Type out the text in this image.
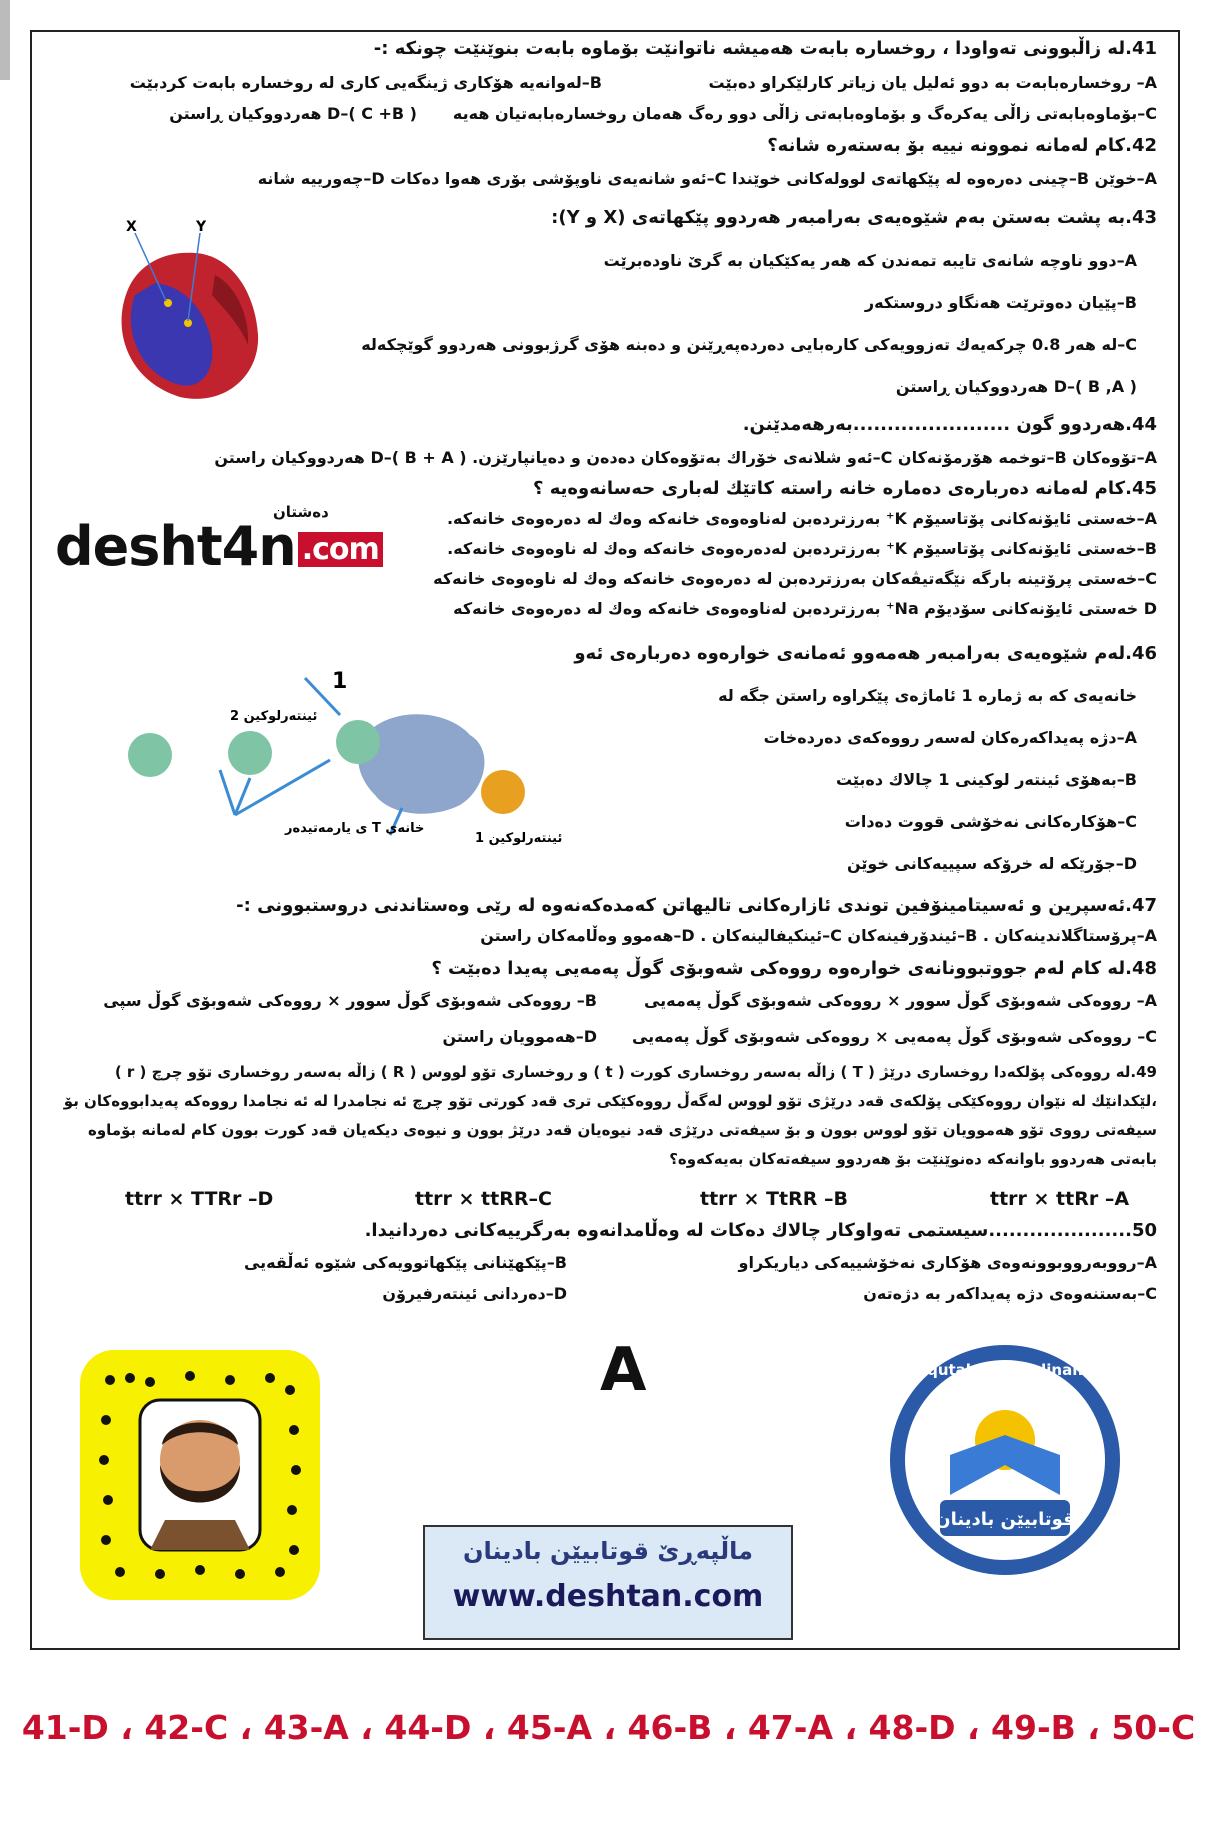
41.له زاڵبوونی تەواودا ، روخسارە بابەت هەمیشە ناتوانێت بۆماوە بابەت بنوێنێت چونکە :-
A– روخسارەبابەت بە دوو ئەلیل یان زیاتر کارلێکراو دەبێت
B–لەوانەیە هۆکاری ژینگەیی کاری لە روخسارە بابەت کردبێت
C–بۆماوەبابەتی زاڵی یەکرەگ و بۆماوەبابەتی زاڵی دوو رەگ هەمان روخسارەبابەتیان هەیە
D–( C +B ) هەردووکیان ڕاستن
42.کام لەمانە نموونە نییە بۆ بەستەرە شانە؟
A–خوێن B–چینی دەرەوە لە پێکهاتەی لوولەکانی خوێندا C–ئەو شانەیەی ناوپۆشی بۆری هەوا دەکات D–چەورییە شانە
43.بە پشت بەستن بەم شێوەیەی بەرامبەر هەردوو پێکهاتەی (X و Y):
A–دوو ناوچە شانەی تایبە تمەندن کە هەر یەکێکیان بە گرێ ناودەبرێت
B–پێیان دەوترێت هەنگاو دروستکەر
C–لە هەر 0.8 چرکەیەك تەزوویەکی کارەبایی دەردەپەڕێنن و دەبنە هۆی گرژبوونی هەردوو گوێچکەلە
D–( B ,A ) هەردووکیان ڕاستن
X	Y
44.هەردوو گون .......................بەرهەمدێنن.
A–تۆوەکان B–توخمە هۆرمۆنەکان C–ئەو شلانەی خۆراك بەتۆوەکان دەدەن و دەیانپارێزن. D–( B + A ) هەردووکیان راستن
45.کام لەمانە دەربارەی دەمارە خانە راستە کاتێك لەباری حەسانەوەیە ؟
A–خەستی ئایۆنەکانی پۆتاسیۆم K⁺ بەرزتردەبن لەناوەوەی خانەکە وەك لە دەرەوەی خانەکە.
B–خەستی ئایۆنەکانی پۆتاسیۆم K⁺ بەرزتردەبن لەدەرەوەی خانەکە وەك لە ناوەوەی خانەکە.
C–خەستی پرۆتینە بارگە نێگەتیڤەکان بەرزتردەبن لە دەرەوەی خانەکە وەك لە ناوەوەی خانەکە
D خەستی ئایۆنەکانی سۆدیۆم Na⁺ بەرزتردەبن لەناوەوەی خانەکە وەك لە دەرەوەی خانەکە
desht4n .com
دەشتان
46.لەم شێوەیەی بەرامبەر هەمەوو ئەمانەی خوارەوە دەربارەی ئەو
خانەیەی کە بە ژمارە 1 ئاماژەی پێکراوە راستن جگە لە
A–دژە پەیداکەرەکان لەسەر رووەکەی دەردەخات
B–بەهۆی ئینتەر لوکینی 1 چالاك دەبێت
C–هۆکارەکانی نەخۆشی قووت دەدات
D–جۆرێکە لە خرۆکە سپییەکانی خوێن
1
ئینتەرلوکین 2
خانەی T ی یارمەتیدەر
ئینتەرلوکین 1
47.ئەسپرین و ئەسیتامینۆفین توندی ئازارەکانی تالیهاتن کەمدەکەنەوە لە رێی وەستاندنی دروستبوونی :-
A–پرۆستاگلاندینەکان . B–ئیندۆرفینەکان C–ئینکیفالینەکان . D–هەموو وەڵامەکان راستن
48.لە کام لەم جووتبوونانەی خوارەوە رووەکی شەوبۆی گوڵ پەمەیی پەیدا دەبێت ؟
A– رووەکی شەوبۆی گوڵ سوور × رووەکی شەوبۆی گوڵ پەمەیی
B– رووەکی شەوبۆی گوڵ سوور × رووەکی شەوبۆی گوڵ سپی
C– رووەکی شەوبۆی گوڵ پەمەیی × رووەکی شەوبۆی گوڵ پەمەیی
D–هەموویان راستن
49.لە رووەکی پۆلکەدا روخساری درێژ ( T ) زاڵە بەسەر روخساری کورت ( t ) و روخساری تۆو لووس ( R ) زاڵە بەسەر روخساری تۆو چرچ ( r ) ،لێکدانێك لە نێوان رووەکێکی پۆلکەی قەد درێژی تۆو لووس لەگەڵ رووەکێکی تری قەد کورتی تۆو چرچ ئە نجامدرا لە ئە نجامدا رووەکە پەیدابووەکان بۆ سیفەتی رووی تۆو هەموویان تۆو لووس بوون و بۆ سیفەتی درێژی قەد نیوەیان قەد درێژ بوون و نیوەی دیکەیان قەد کورت بوون کام لەمانە بۆماوە بابەتی هەردوو باوانەکە دەنوێنێت بۆ هەردوو سیفەتەکان بەیەکەوە؟
ttrr × ttRr –A
ttrr × TtRR –B
ttrr × ttRR–C
ttrr × TTRr –D
50.....................سیستمی تەواوکار چالاك دەکات لە وەڵامدانەوە بەرگرییەکانی دەردانیدا.
A–رووبەرووبوونەوەی هۆکاری نەخۆشییەکی دیاریکراو
B–پێکهێنانی پێکهاتوویەکی شێوە ئەڵقەیی
C–بەستنەوەی دژە پەیداکەر بە دژەتەن
D–دەردانی ئینتەرفیرۆن
A
ماڵپەڕێ قوتابیێن بادینان
www.deshtan.com
qutabyen_badinan
قوتابیێن بادینان
41-D ، 42-C ، 43-A ، 44-D ، 45-A ، 46-B ، 47-A ، 48-D ، 49-B ، 50-C
